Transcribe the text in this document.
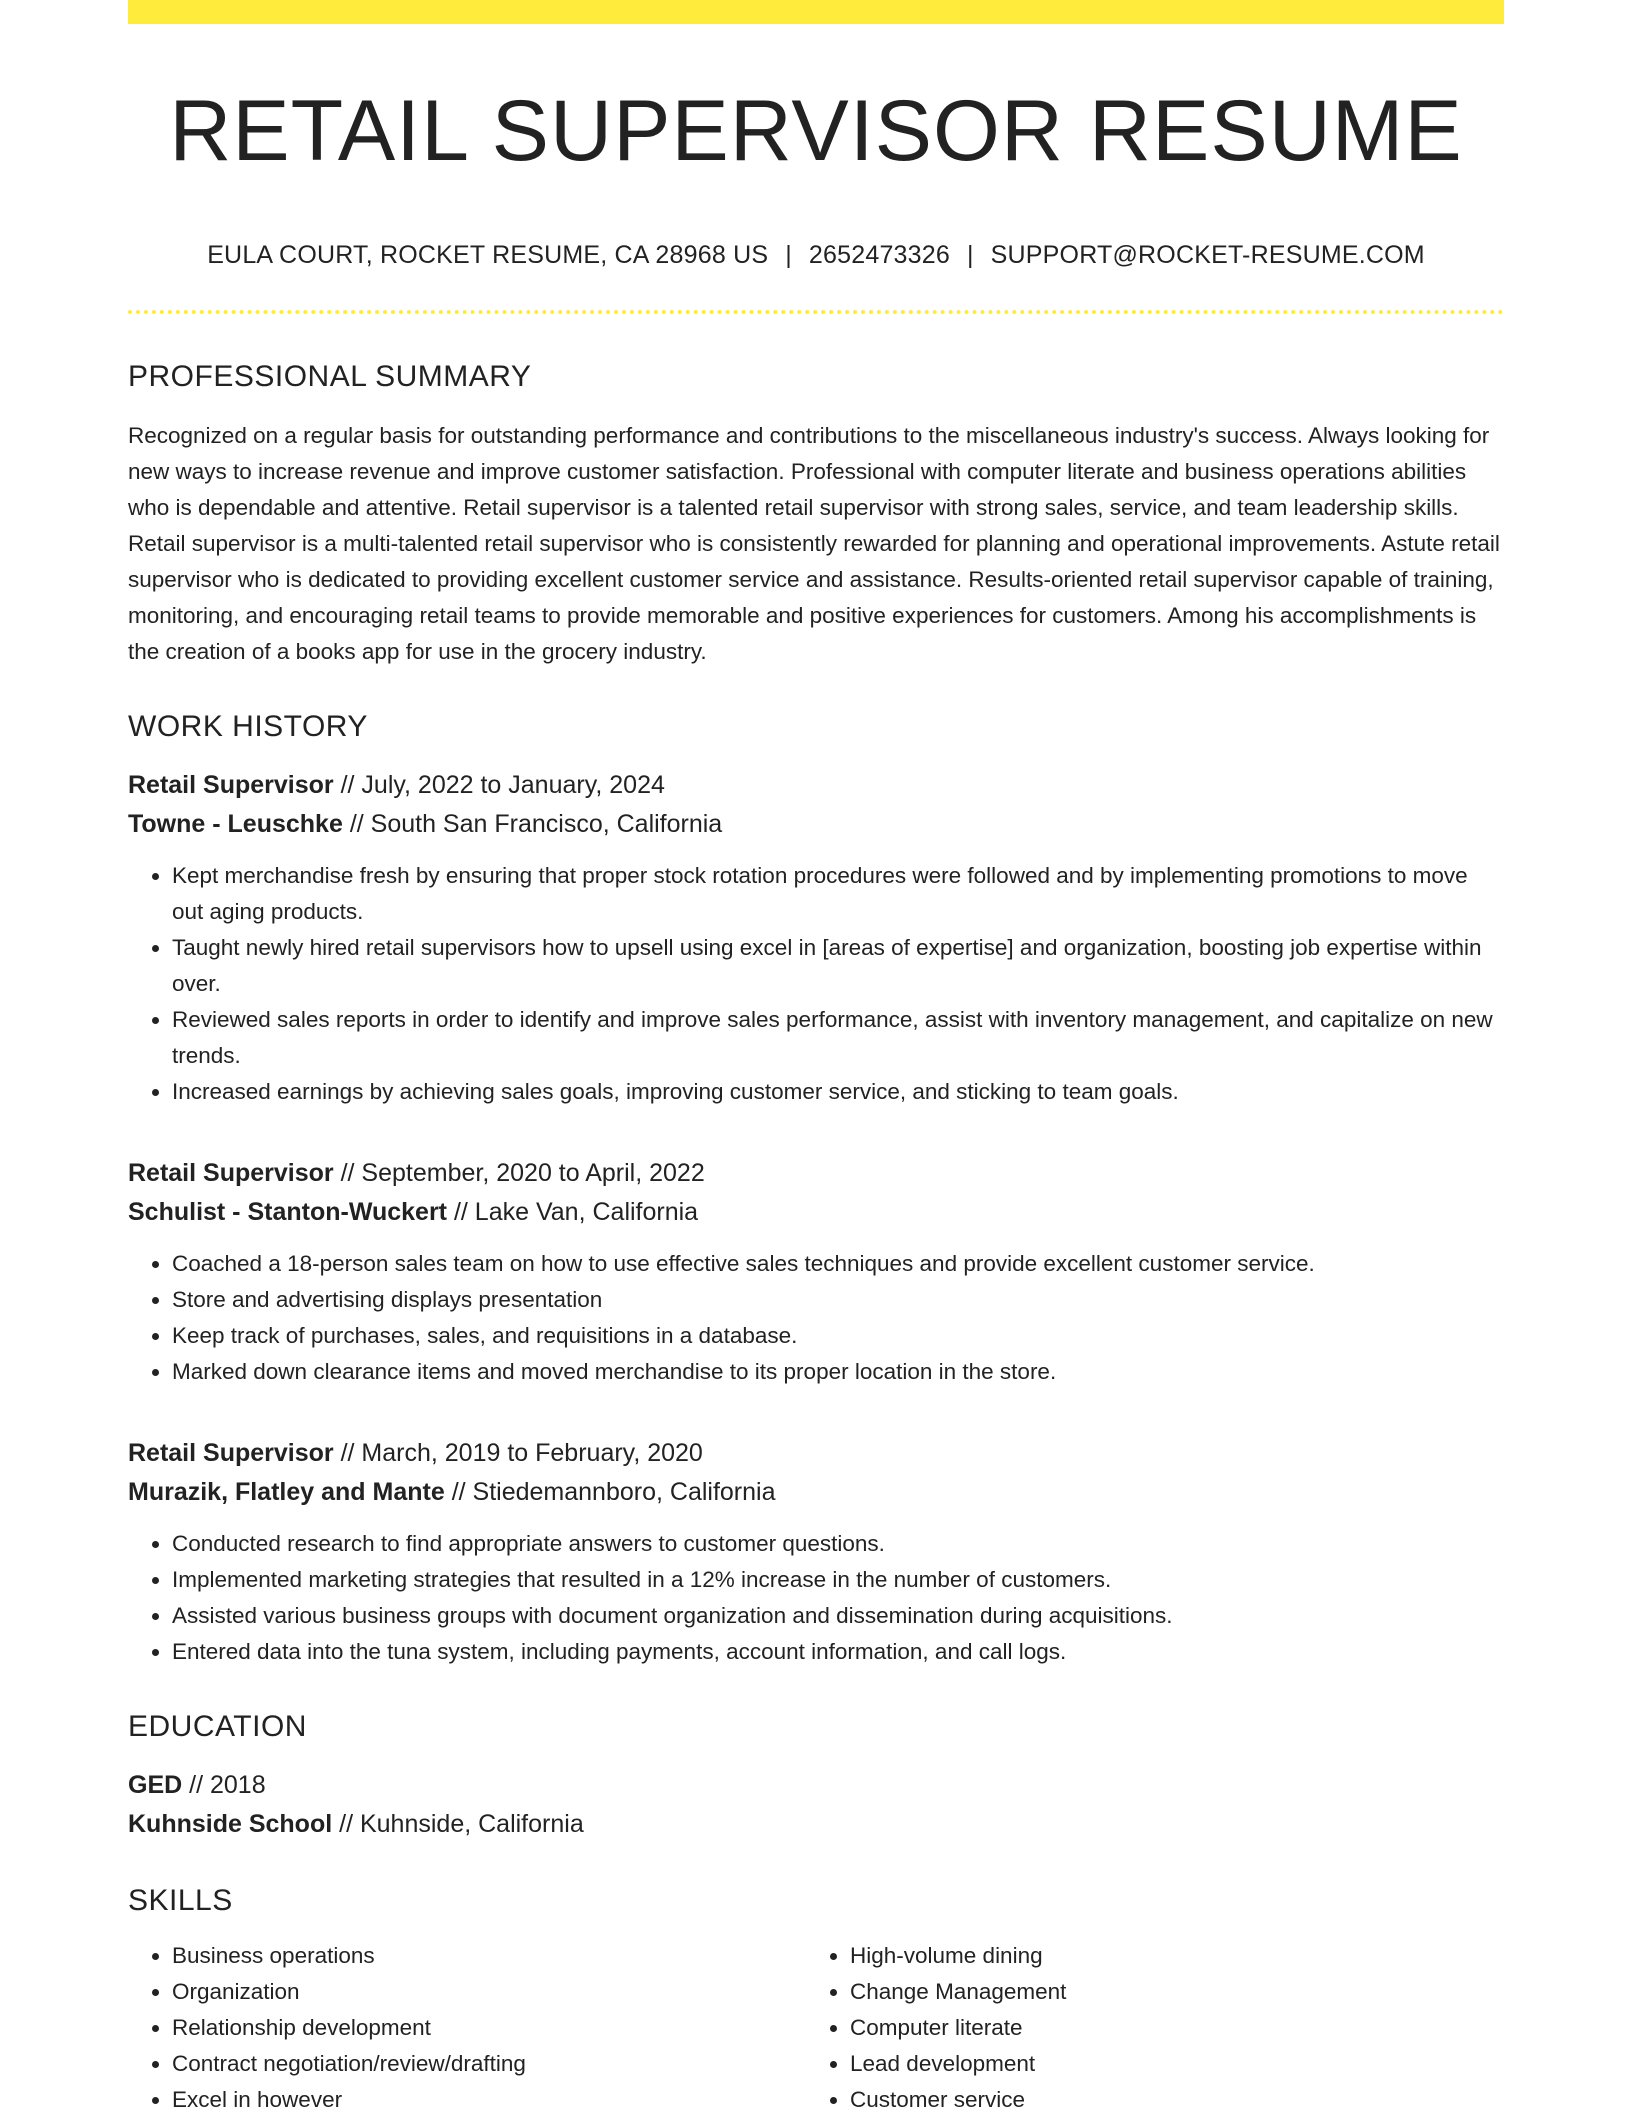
RETAIL SUPERVISOR RESUME
EULA COURT, ROCKET RESUME, CA 28968 US | 2652473326 | SUPPORT@ROCKET-RESUME.COM
PROFESSIONAL SUMMARY

Recognized on a regular basis for outstanding performance and contributions to the miscellaneous industry's success. Always looking for new ways to increase revenue and improve customer satisfaction. Professional with computer literate and business operations abilities who is dependable and attentive. Retail supervisor is a talented retail supervisor with strong sales, service, and team leadership skills. Retail supervisor is a multi-talented retail supervisor who is consistently rewarded for planning and operational improvements. Astute retail supervisor who is dedicated to providing excellent customer service and assistance. Results-oriented retail supervisor capable of training, monitoring, and encouraging retail teams to provide memorable and positive experiences for customers. Among his accomplishments is the creation of a books app for use in the grocery industry.

WORK HISTORY
Retail Supervisor // July, 2022 to January, 2024
Towne - Leuschke // South San Francisco, California
• Kept merchandise fresh by ensuring that proper stock rotation procedures were followed and by implementing promotions to move out aging products.
• Taught newly hired retail supervisors how to upsell using excel in [areas of expertise] and organization, boosting job expertise within over.
• Reviewed sales reports in order to identify and improve sales performance, assist with inventory management, and capitalize on new trends.
• Increased earnings by achieving sales goals, improving customer service, and sticking to team goals.
Retail Supervisor // September, 2020 to April, 2022
Schulist - Stanton-Wuckert // Lake Van, California
• Coached a 18-person sales team on how to use effective sales techniques and provide excellent customer service.
• Store and advertising displays presentation
• Keep track of purchases, sales, and requisitions in a database.
• Marked down clearance items and moved merchandise to its proper location in the store.
Retail Supervisor // March, 2019 to February, 2020
Murazik, Flatley and Mante // Stiedemannboro, California
• Conducted research to find appropriate answers to customer questions.
• Implemented marketing strategies that resulted in a 12% increase in the number of customers.
• Assisted various business groups with document organization and dissemination during acquisitions.
• Entered data into the tuna system, including payments, account information, and call logs.
EDUCATION
GED // 2018
Kuhnside School // Kuhnside, California
SKILLS
• Business operations
• Organization
• Relationship development
• Contract negotiation/review/drafting
• Excel in however
• High-volume dining
• Change Management
• Computer literate
• Lead development
• Customer service
